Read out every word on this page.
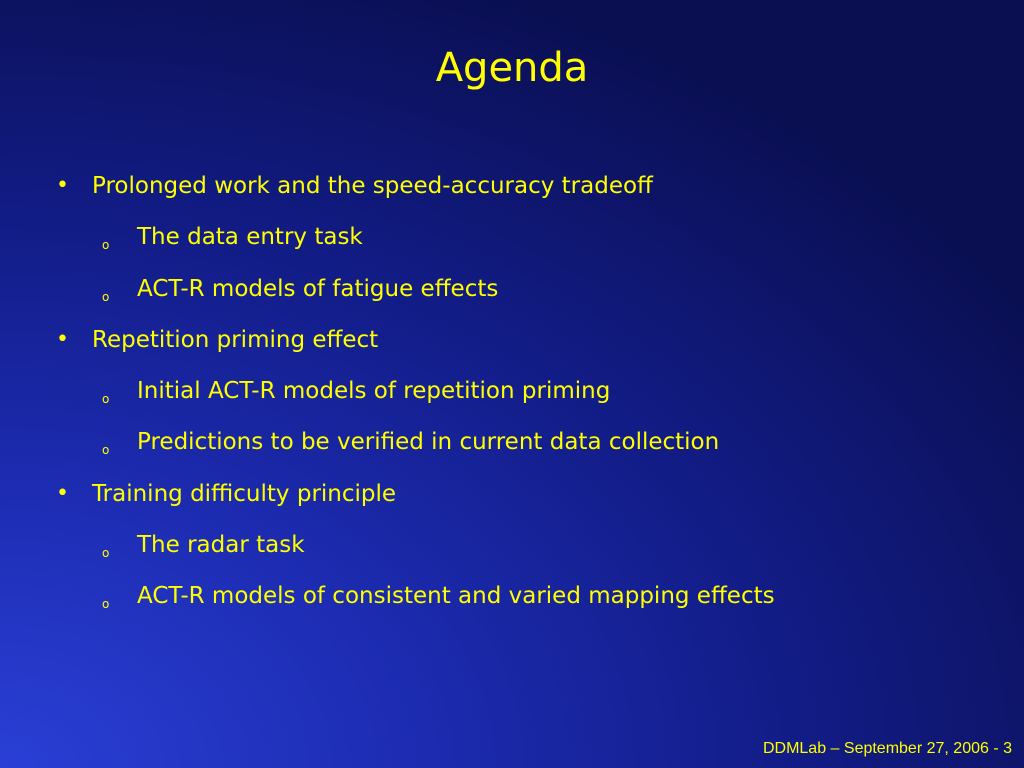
Agenda
• Prolonged work and the speed-accuracy tradeoff
o The data entry task
o ACT-R models of fatigue effects
• Repetition priming effect
o Initial ACT-R models of repetition priming
o Predictions to be verified in current data collection
• Training difficulty principle
o The radar task
o ACT-R models of consistent and varied mapping effects
DDMLab – September 27, 2006 - 3
